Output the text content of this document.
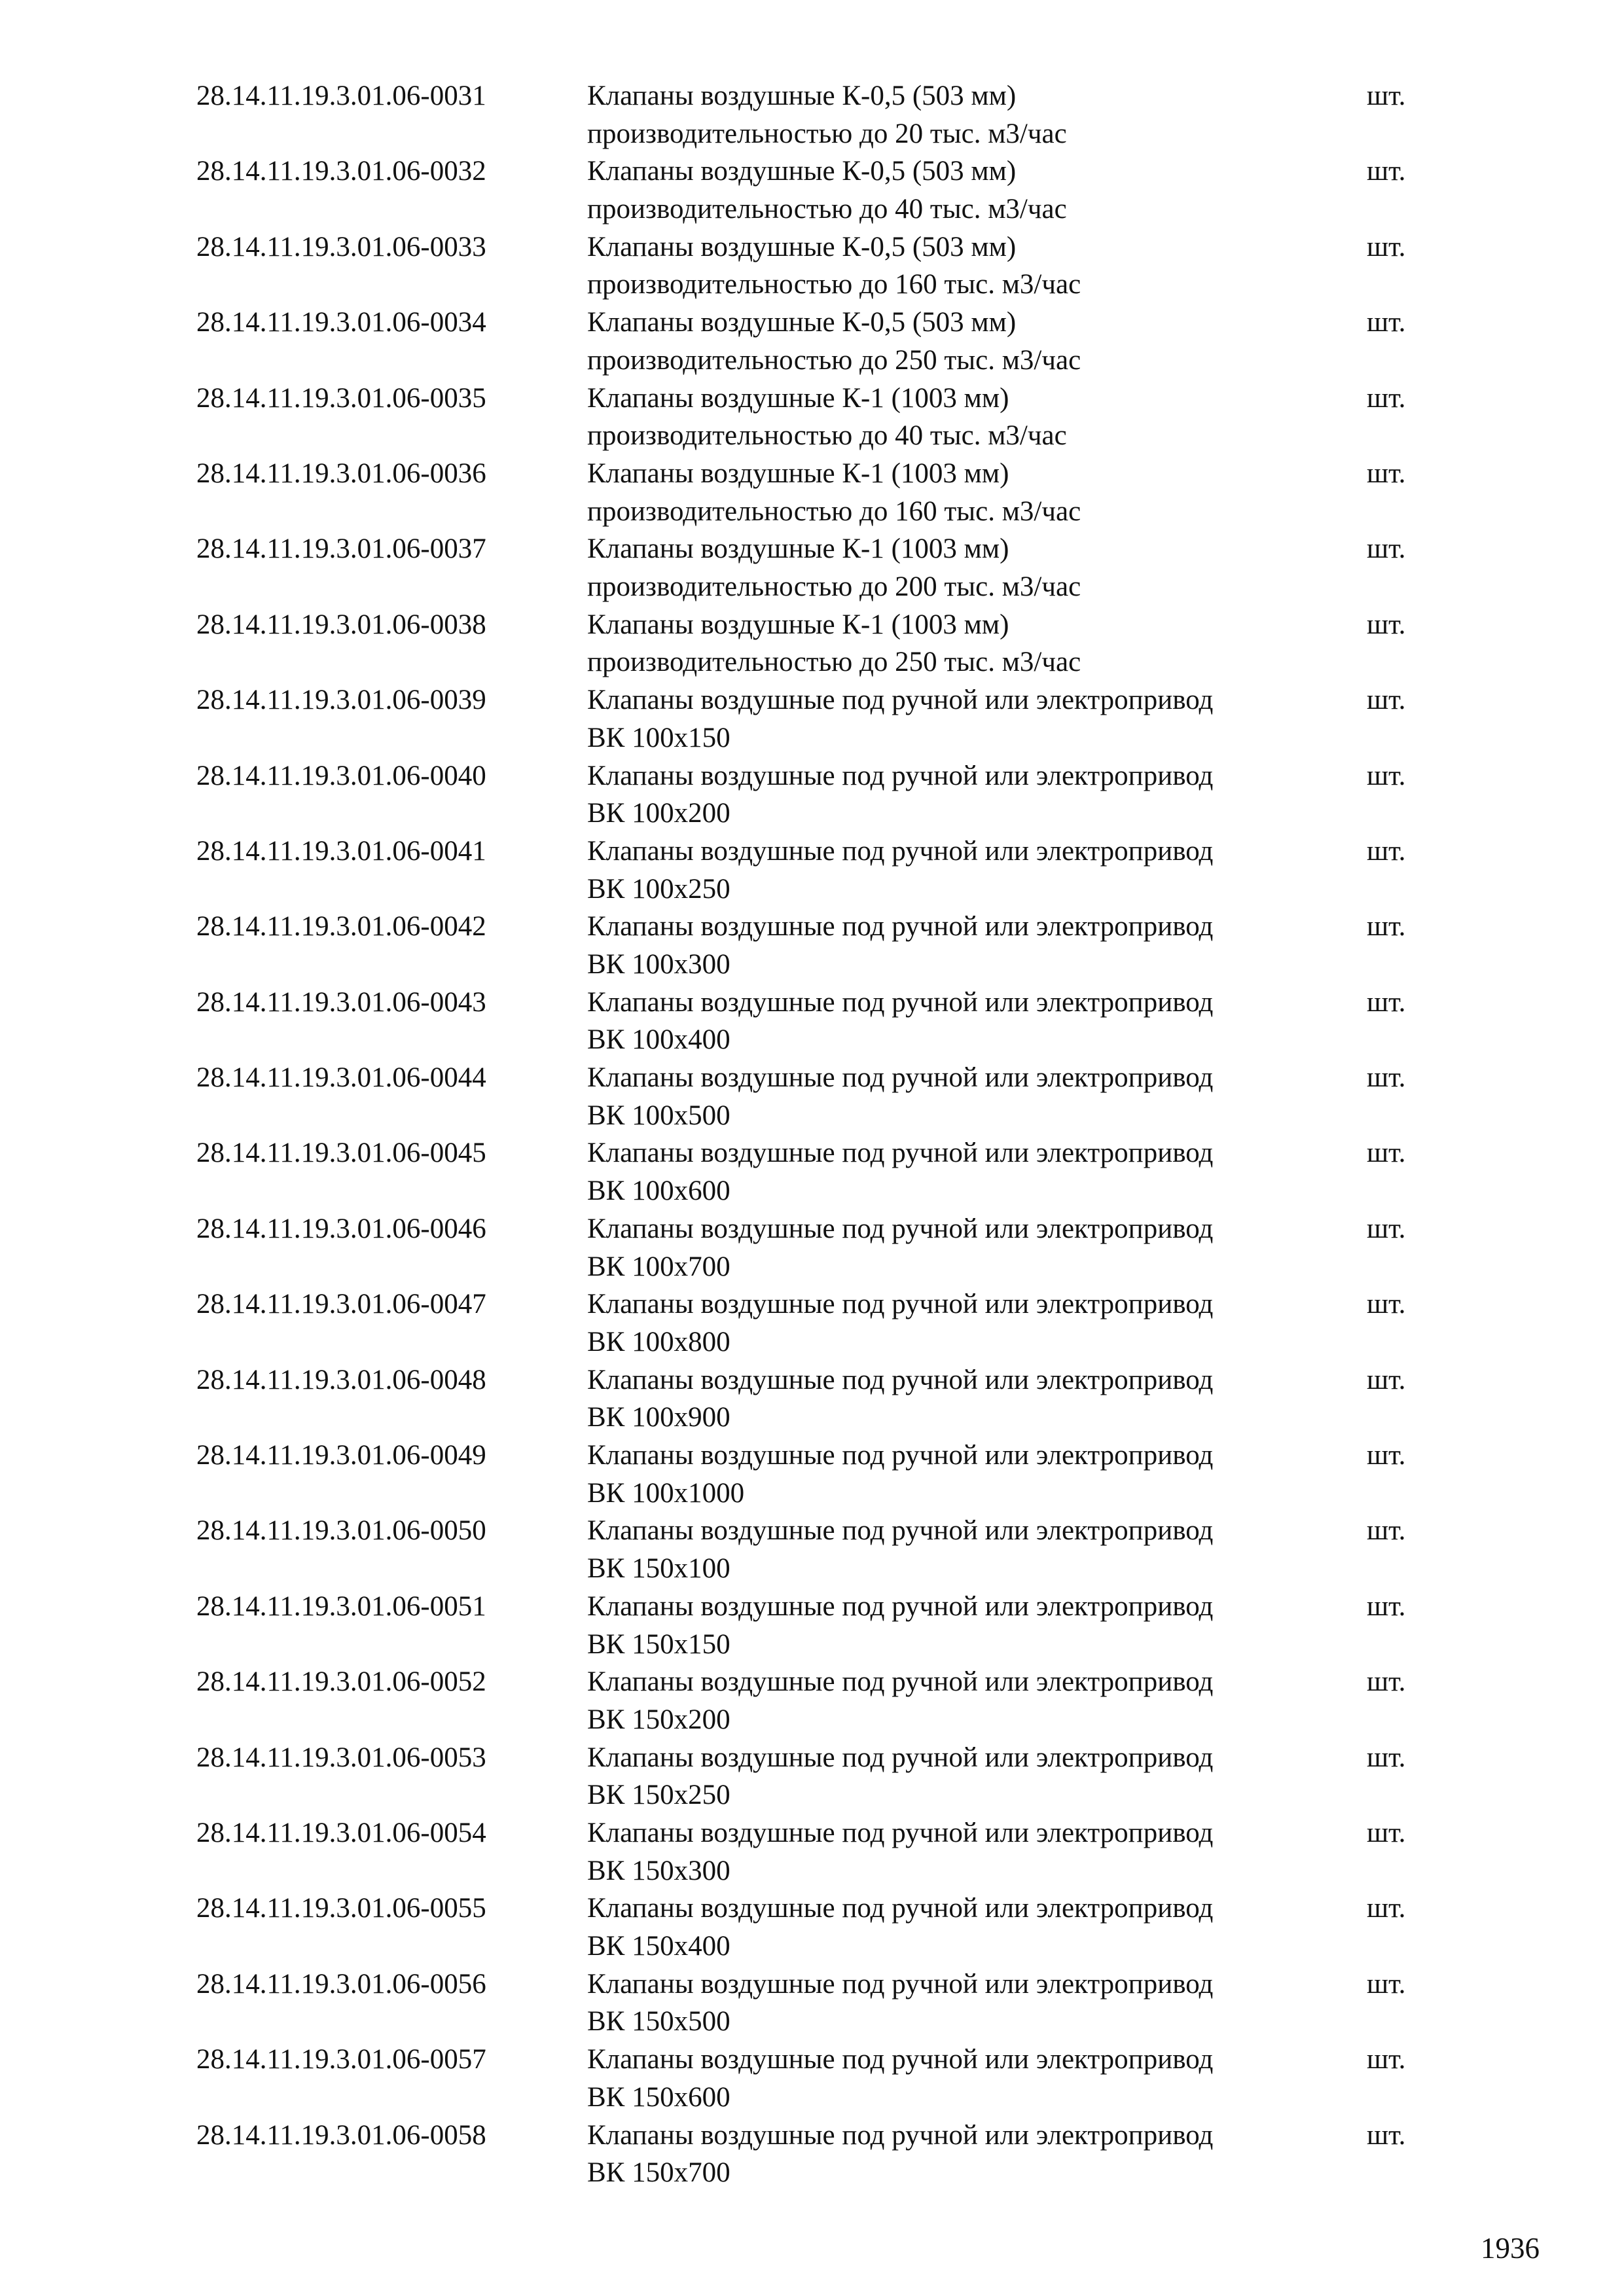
28.14.11.19.3.01.06-0031	Клапаны воздушные К-0,5 (503 мм)
производительностью до 20 тыс. м3/час
шт.
28.14.11.19.3.01.06-0032	Клапаны воздушные К-0,5 (503 мм)
производительностью до 40 тыс. м3/час
шт.
28.14.11.19.3.01.06-0033	Клапаны воздушные К-0,5 (503 мм)
производительностью до 160 тыс. м3/час
шт.
28.14.11.19.3.01.06-0034	Клапаны воздушные К-0,5 (503 мм)
производительностью до 250 тыс. м3/час
шт.
28.14.11.19.3.01.06-0035	Клапаны воздушные К-1 (1003 мм)
производительностью до 40 тыс. м3/час
шт.
28.14.11.19.3.01.06-0036	Клапаны воздушные К-1 (1003 мм)
производительностью до 160 тыс. м3/час
шт.
28.14.11.19.3.01.06-0037	Клапаны воздушные К-1 (1003 мм)
производительностью до 200 тыс. м3/час
шт.
28.14.11.19.3.01.06-0038	Клапаны воздушные К-1 (1003 мм)
производительностью до 250 тыс. м3/час
шт.
28.14.11.19.3.01.06-0039	Клапаны воздушные под ручной или электропривод
ВК 100x150
шт.
28.14.11.19.3.01.06-0040	Клапаны воздушные под ручной или электропривод
ВК 100x200
шт.
28.14.11.19.3.01.06-0041	Клапаны воздушные под ручной или электропривод
ВК 100x250
шт.
28.14.11.19.3.01.06-0042	Клапаны воздушные под ручной или электропривод
ВК 100x300
шт.
28.14.11.19.3.01.06-0043	Клапаны воздушные под ручной или электропривод
ВК 100x400
шт.
28.14.11.19.3.01.06-0044	Клапаны воздушные под ручной или электропривод
ВК 100x500
шт.
28.14.11.19.3.01.06-0045	Клапаны воздушные под ручной или электропривод
ВК 100x600
шт.
28.14.11.19.3.01.06-0046	Клапаны воздушные под ручной или электропривод
ВК 100x700
шт.
28.14.11.19.3.01.06-0047	Клапаны воздушные под ручной или электропривод
ВК 100x800
шт.
28.14.11.19.3.01.06-0048	Клапаны воздушные под ручной или электропривод
ВК 100x900
шт.
28.14.11.19.3.01.06-0049	Клапаны воздушные под ручной или электропривод
ВК 100x1000
шт.
28.14.11.19.3.01.06-0050	Клапаны воздушные под ручной или электропривод
ВК 150x100
шт.
28.14.11.19.3.01.06-0051	Клапаны воздушные под ручной или электропривод
ВК 150x150
шт.
28.14.11.19.3.01.06-0052	Клапаны воздушные под ручной или электропривод
ВК 150x200
шт.
28.14.11.19.3.01.06-0053	Клапаны воздушные под ручной или электропривод
ВК 150x250
шт.
28.14.11.19.3.01.06-0054	Клапаны воздушные под ручной или электропривод
ВК 150x300
шт.
28.14.11.19.3.01.06-0055	Клапаны воздушные под ручной или электропривод
ВК 150x400
шт.
28.14.11.19.3.01.06-0056	Клапаны воздушные под ручной или электропривод
ВК 150x500
шт.
28.14.11.19.3.01.06-0057	Клапаны воздушные под ручной или электропривод
ВК 150x600
шт.
28.14.11.19.3.01.06-0058	Клапаны воздушные под ручной или электропривод
ВК 150x700
шт.
1936
